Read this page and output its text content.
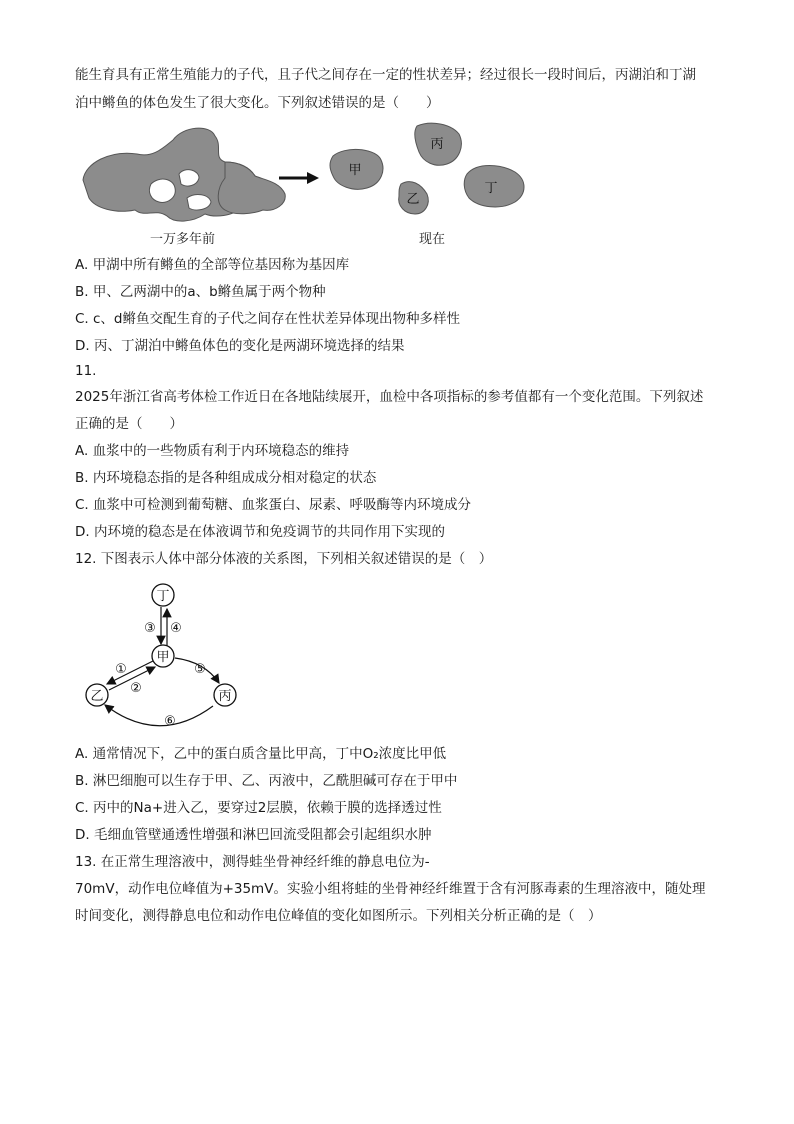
能生育具有正常生殖能力的子代，且子代之间存在一定的性状差异；经过很长一段时间后，丙湖泊和丁湖
泊中鳉鱼的体色发生了很大变化。下列叙述错误的是（　　）
甲
丙
乙
丁
一万多年前	现在
A. 甲湖中所有鳉鱼的全部等位基因称为基因库
B. 甲、乙两湖中的a、b鳉鱼属于两个物种
C. c、d鳉鱼交配生育的子代之间存在性状差异体现出物种多样性
D. 丙、丁湖泊中鳉鱼体色的变化是两湖环境选择的结果
11.
2025年浙江省高考体检工作近日在各地陆续展开，血检中各项指标的参考值都有一个变化范围。下列叙述
正确的是（　　）
A. 血浆中的一些物质有利于内环境稳态的维持
B. 内环境稳态指的是各种组成成分相对稳定的状态
C. 血浆中可检测到葡萄糖、血浆蛋白、尿素、呼吸酶等内环境成分
D. 内环境的稳态是在体液调节和免疫调节的共同作用下实现的
12. 下图表示人体中部分体液的关系图，下列相关叙述错误的是（　）
丁
甲
乙	丙
③ ④
①
②
⑤
⑥
A. 通常情况下，乙中的蛋白质含量比甲高，丁中O₂浓度比甲低
B. 淋巴细胞可以生存于甲、乙、丙液中，乙酰胆碱可存在于甲中
C. 丙中的Na+进入乙，要穿过2层膜，依赖于膜的选择透过性
D. 毛细血管壁通透性增强和淋巴回流受阻都会引起组织水肿
13. 在正常生理溶液中，测得蛙坐骨神经纤维的静息电位为-
70mV，动作电位峰值为+35mV。实验小组将蛙的坐骨神经纤维置于含有河豚毒素的生理溶液中，随处理
时间变化，测得静息电位和动作电位峰值的变化如图所示。下列相关分析正确的是（　）
